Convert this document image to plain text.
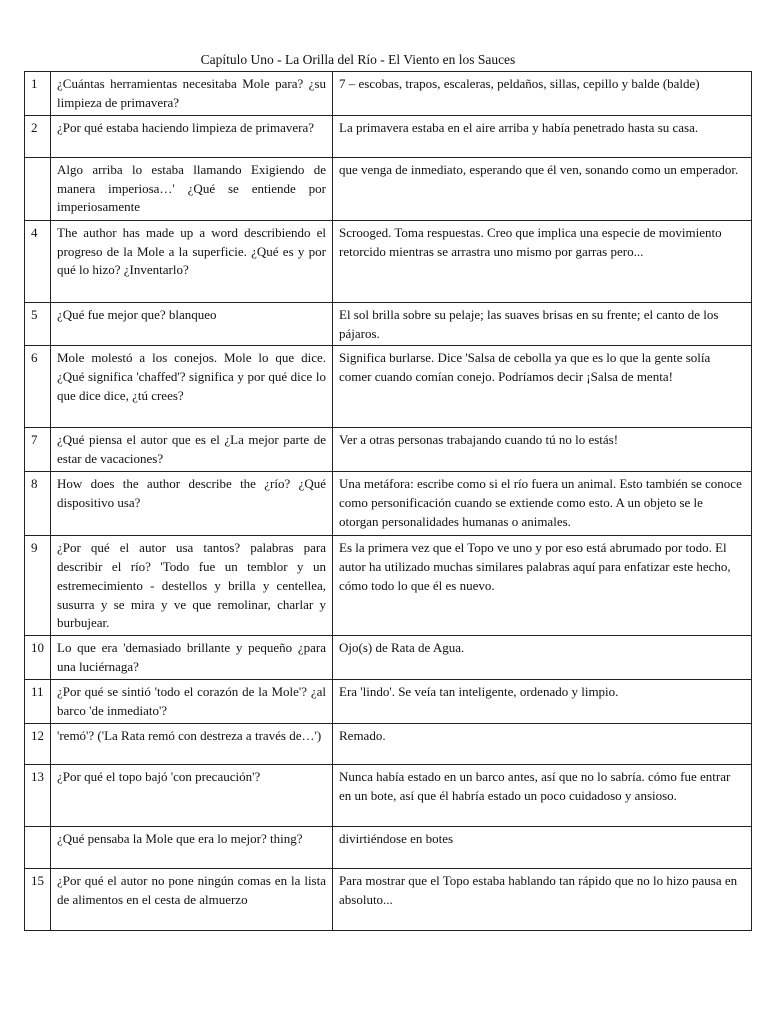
Capítulo Uno - La Orilla del Río - El Viento en los Sauces
1	¿Cuántas herramientas necesitaba Mole para? ¿su limpieza de primavera?	7 – escobas, trapos, escaleras, peldaños, sillas, cepillo y balde (balde)
2	¿Por qué estaba haciendo limpieza de primavera?	La primavera estaba en el aire arriba y había penetrado hasta su casa.
	Algo arriba lo estaba llamando Exigiendo de manera imperiosa…' ¿Qué se entiende por imperiosamente	que venga de inmediato, esperando que él ven, sonando como un emperador.
4	The author has made up a word describiendo el progreso de la Mole a la superficie. ¿Qué es y por qué lo hizo? ¿Inventarlo?	Scrooged. Toma respuestas. Creo que implica una especie de movimiento retorcido mientras se arrastra uno mismo por garras pero...
5	¿Qué fue mejor que? blanqueo	El sol brilla sobre su pelaje; las suaves brisas en su frente; el canto de los pájaros.
6	Mole molestó a los conejos. Mole lo que dice. ¿Qué significa 'chaffed'? significa y por qué dice lo que dice dice, ¿tú crees?	Significa burlarse. Dice 'Salsa de cebolla ya que es lo que la gente solía comer cuando comían conejo. Podríamos decir ¡Salsa de menta!
7	¿Qué piensa el autor que es el ¿La mejor parte de estar de vacaciones?	Ver a otras personas trabajando cuando tú no lo estás!
8	How does the author describe the ¿río? ¿Qué dispositivo usa?	Una metáfora: escribe como si el río fuera un animal. Esto también se conoce como personificación cuando se extiende como esto. A un objeto se le otorgan personalidades humanas o animales.
9	¿Por qué el autor usa tantos? palabras para describir el río? 'Todo fue un temblor y un estremecimiento - destellos y brilla y centellea, susurra y se mira y ve que remolinar, charlar y burbujear.	Es la primera vez que el Topo ve uno y por eso está abrumado por todo. El autor ha utilizado muchas similares palabras aquí para enfatizar este hecho, cómo todo lo que él es nuevo.
10	Lo que era 'demasiado brillante y pequeño ¿para una luciérnaga?	Ojo(s) de Rata de Agua.
11	¿Por qué se sintió 'todo el corazón de la Mole'? ¿al barco 'de inmediato'?	Era 'lindo'. Se veía tan inteligente, ordenado y limpio.
12	'remó'? ('La Rata remó con destreza a través de…')	Remado.
13	¿Por qué el topo bajó 'con precaución'?	Nunca había estado en un barco antes, así que no lo sabría. cómo fue entrar en un bote, así que él habría estado un poco cuidadoso y ansioso.
	¿Qué pensaba la Mole que era lo mejor? thing?	divirtiéndose en botes
15	¿Por qué el autor no pone ningún comas en la lista de alimentos en el cesta de almuerzo	Para mostrar que el Topo estaba hablando tan rápido que no lo hizo pausa en absoluto...
